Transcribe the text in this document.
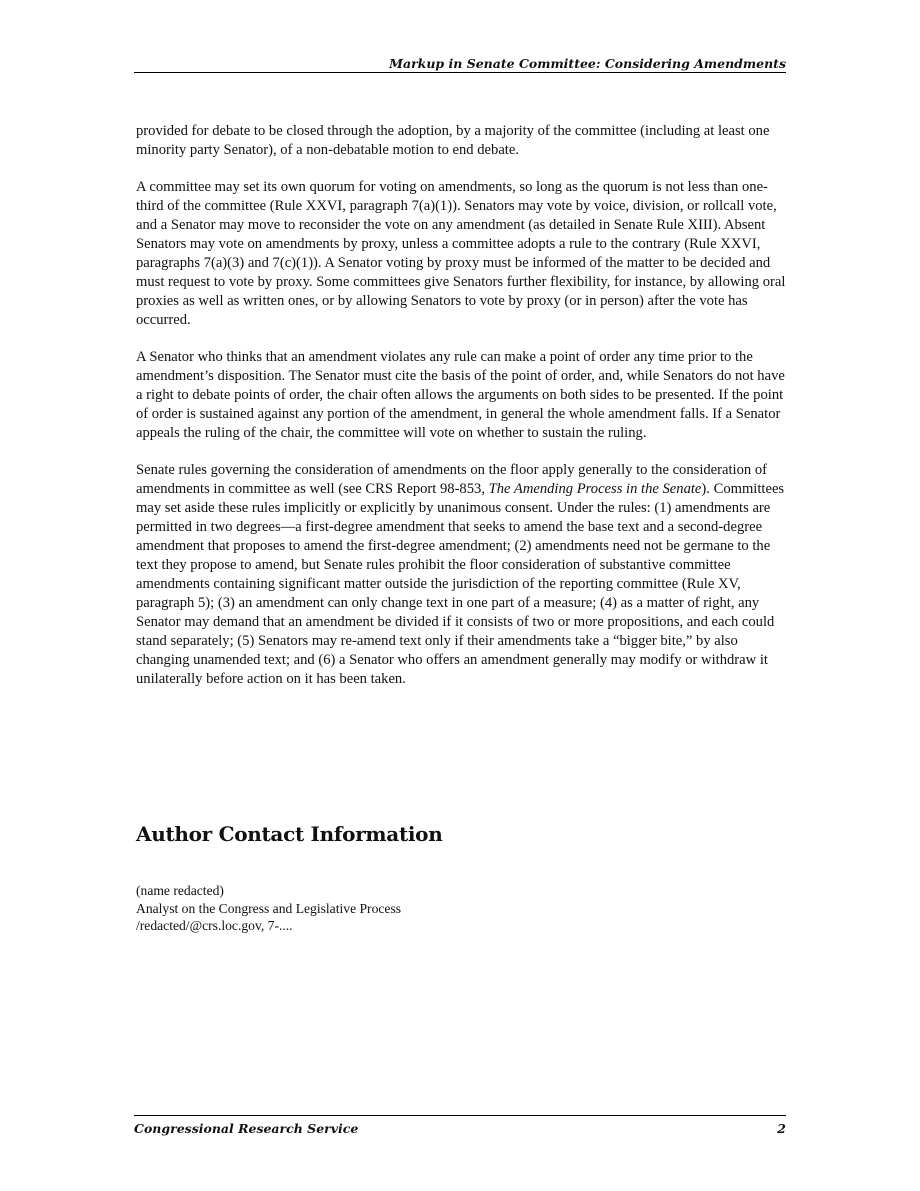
Markup in Senate Committee: Considering Amendments

provided for debate to be closed through the adoption, by a majority of the committee (including at least one minority party Senator), of a non-debatable motion to end debate.

A committee may set its own quorum for voting on amendments, so long as the quorum is not less than one-third of the committee (Rule XXVI, paragraph 7(a)(1)). Senators may vote by voice, division, or rollcall vote, and a Senator may move to reconsider the vote on any amendment (as detailed in Senate Rule XIII). Absent Senators may vote on amendments by proxy, unless a committee adopts a rule to the contrary (Rule XXVI, paragraphs 7(a)(3) and 7(c)(1)). A Senator voting by proxy must be informed of the matter to be decided and must request to vote by proxy. Some committees give Senators further flexibility, for instance, by allowing oral proxies as well as written ones, or by allowing Senators to vote by proxy (or in person) after the vote has occurred.

A Senator who thinks that an amendment violates any rule can make a point of order any time prior to the amendment’s disposition. The Senator must cite the basis of the point of order, and, while Senators do not have a right to debate points of order, the chair often allows the arguments on both sides to be presented. If the point of order is sustained against any portion of the amendment, in general the whole amendment falls. If a Senator appeals the ruling of the chair, the committee will vote on whether to sustain the ruling.

Senate rules governing the consideration of amendments on the floor apply generally to the consideration of amendments in committee as well (see CRS Report 98-853, The Amending Process in the Senate). Committees may set aside these rules implicitly or explicitly by unanimous consent. Under the rules: (1) amendments are permitted in two degrees—a first-degree amendment that seeks to amend the base text and a second-degree amendment that proposes to amend the first-degree amendment; (2) amendments need not be germane to the text they propose to amend, but Senate rules prohibit the floor consideration of substantive committee amendments containing significant matter outside the jurisdiction of the reporting committee (Rule XV, paragraph 5); (3) an amendment can only change text in one part of a measure; (4) as a matter of right, any Senator may demand that an amendment be divided if it consists of two or more propositions, and each could stand separately; (5) Senators may re-amend text only if their amendments take a “bigger bite,” by also changing unamended text; and (6) a Senator who offers an amendment generally may modify or withdraw it unilaterally before action on it has been taken.

Author Contact Information
(name redacted)
Analyst on the Congress and Legislative Process
/redacted/@crs.loc.gov, 7-....
Congressional Research Service	2
